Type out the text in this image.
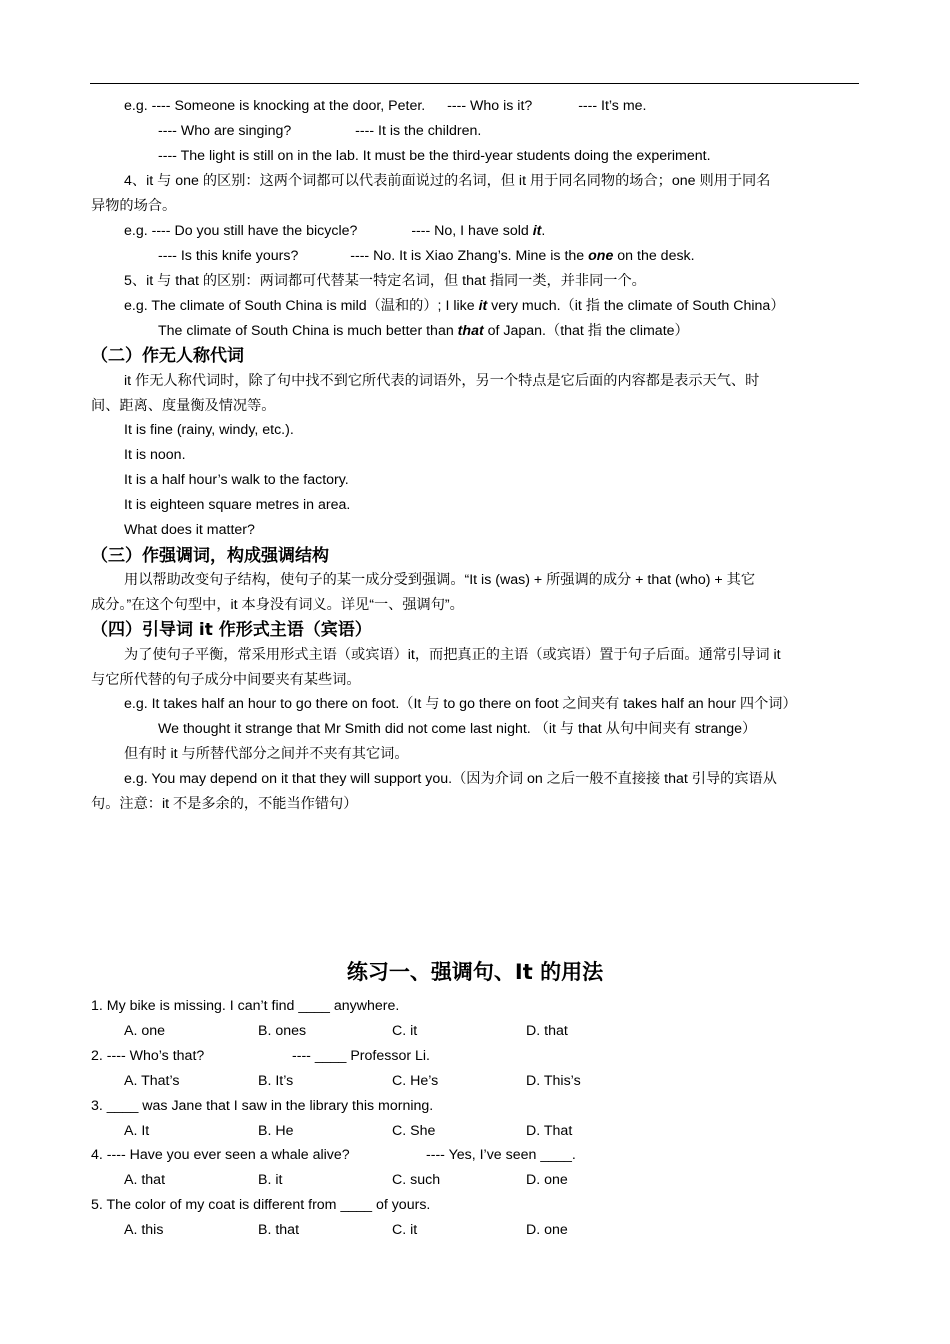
e.g. ---- Someone is knocking at the door, Peter. ---- Who is it?	---- It’s me.
---- Who are singing?	---- It is the children.
---- The light is still on in the lab. It must be the third-year students doing the experiment.
4、it 与 one 的区别：这两个词都可以代表前面说过的名词，但 it 用于同名同物的场合；one 则用于同名
异物的场合。
e.g. ---- Do you still have the bicycle?	---- No, I have sold it.
---- Is this knife yours?	---- No. It is Xiao Zhang’s. Mine is the one on the desk.
5、it 与 that 的区别：两词都可代替某一特定名词，但 that 指同一类，并非同一个。
e.g. The climate of South China is mild（温和的）; I like it very much.（it 指 the climate of South China）
The climate of South China is much better than that of Japan.（that 指 the climate）
（二）作无人称代词
it 作无人称代词时，除了句中找不到它所代表的词语外，另一个特点是它后面的内容都是表示天气、时
间、距离、度量衡及情况等。
It is fine (rainy, windy, etc.).
It is noon.
It is a half hour’s walk to the factory.
It is eighteen square metres in area.
What does it matter?
（三）作强调词，构成强调结构
用以帮助改变句子结构，使句子的某一成分受到强调。“It is (was) + 所强调的成分 + that (who) + 其它
成分。”在这个句型中，it 本身没有词义。详见“一、强调句”。
（四）引导词 it 作形式主语（宾语）
为了使句子平衡，常采用形式主语（或宾语）it，而把真正的主语（或宾语）置于句子后面。通常引导词 it
与它所代替的句子成分中间要夹有某些词。
e.g. It takes half an hour to go there on foot.（It 与 to go there on foot 之间夹有 takes half an hour 四个词）
We thought it strange that Mr Smith did not come last night. （it 与 that 从句中间夹有 strange）
但有时 it 与所替代部分之间并不夹有其它词。
e.g. You may depend on it that they will support you.（因为介词 on 之后一般不直接接 that 引导的宾语从
句。注意：it 不是多余的，不能当作错句）
练习一、强调句、It 的用法
1. My bike is missing. I can’t find ____ anywhere.
A. one	B. ones	C. it	D. that
2. ---- Who’s that?	---- ____ Professor Li.
A. That’s	B. It’s	C. He’s	D. This’s
3. ____ was Jane that I saw in the library this morning.
A. It	B. He	C. She	D. That
4. ---- Have you ever seen a whale alive?	---- Yes, I’ve seen ____.
A. that	B. it	C. such	D. one
5. The color of my coat is different from ____ of yours.
A. this	B. that	C. it	D. one
